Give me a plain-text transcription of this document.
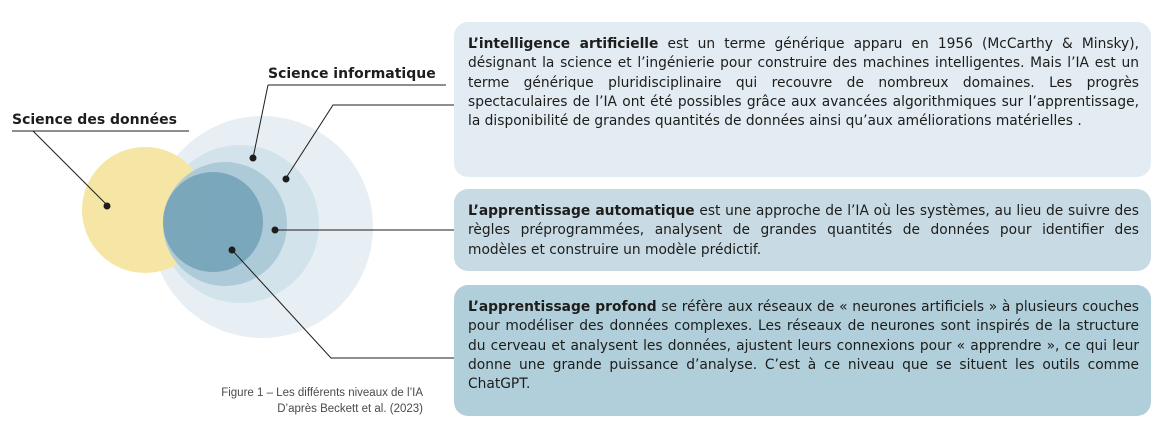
Science des données
Science informatique
L’intelligence artificielle est un terme générique apparu en 1956 (McCarthy & Minsky), désignant la science et l’ingénierie pour construire des machines intelligentes. Mais l’IA est un terme générique pluridisciplinaire qui recouvre de nombreux domaines. Les progrès spectaculaires de l’IA ont été possibles grâce aux avancées algorithmiques sur l’apprentissage, la disponibilité de grandes quantités de données ainsi qu’aux améliorations matérielles .
L’apprentissage automatique est une approche de l’IA où les systèmes, au lieu de suivre des règles préprogrammées, analysent de grandes quantités de données pour identifier des modèles et construire un modèle prédictif.
L’apprentissage profond se réfère aux réseaux de « neurones artificiels » à plusieurs couches pour modéliser des données complexes. Les réseaux de neurones sont inspirés de la structure du cerveau et analysent les données, ajustent leurs connexions pour « apprendre », ce qui leur donne une grande puissance d’analyse. C’est à ce niveau que se situent les outils comme ChatGPT.
Figure 1 – Les différents niveaux de l’IA
D’après Beckett et al. (2023)
